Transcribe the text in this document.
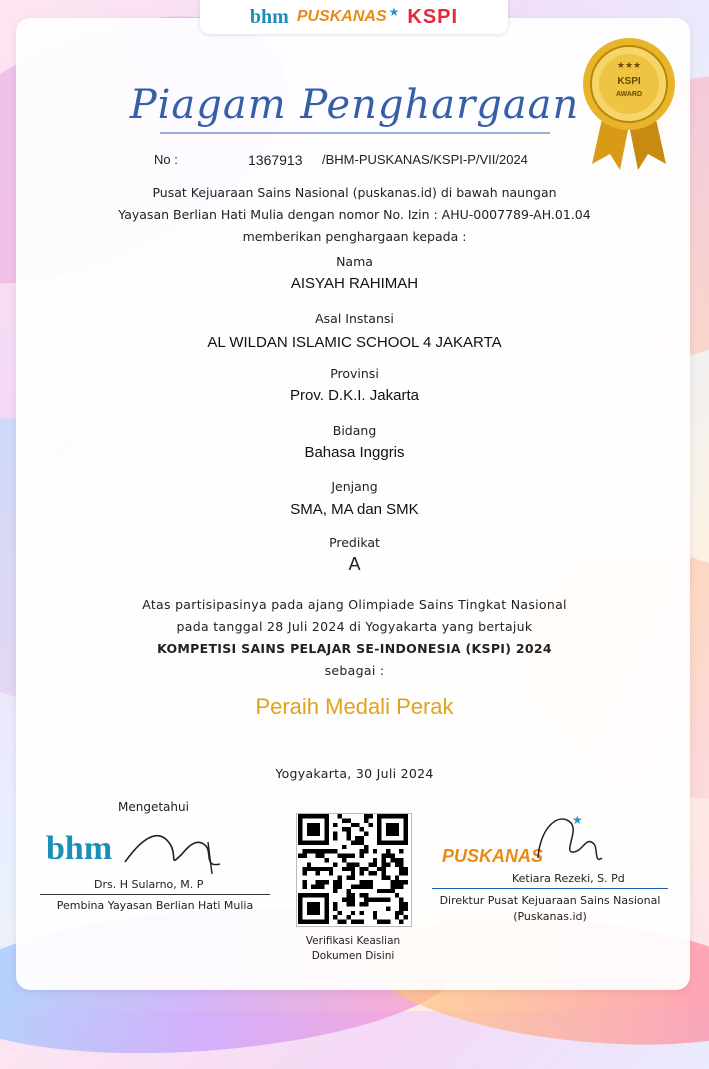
bhm PUSKANAS ★ KSPI
KSPI
AWARD
★★★
Piagam Penghargaan
No :	1367913 /BHM-PUSKANAS/KSPI-P/VII/2024
Pusat Kejuaraan Sains Nasional (puskanas.id) di bawah naungan
Yayasan Berlian Hati Mulia dengan nomor No. Izin : AHU-0007789-AH.01.04
memberikan penghargaan kepada :
Nama
AISYAH RAHIMAH
Asal Instansi
AL WILDAN ISLAMIC SCHOOL 4 JAKARTA
Provinsi
Prov. D.K.I. Jakarta
Bidang
Bahasa Inggris
Jenjang
SMA, MA dan SMK
Predikat
A
Atas partisipasinya pada ajang Olimpiade Sains Tingkat Nasional
pada tanggal 28 Juli 2024 di Yogyakarta yang bertajuk
KOMPETISI SAINS PELAJAR SE-INDONESIA (KSPI) 2024
sebagai :
Peraih Medali Perak
Yogyakarta, 30 Juli 2024
Mengetahui
bhm
Drs. H Sularno, M. P
Pembina Yayasan Berlian Hati Mulia
Verifikasi Keaslian
Dokumen Disini
PUSKANAS
★
Ketiara Rezeki, S. Pd
Direktur Pusat Kejuaraan Sains Nasional
(Puskanas.id)
